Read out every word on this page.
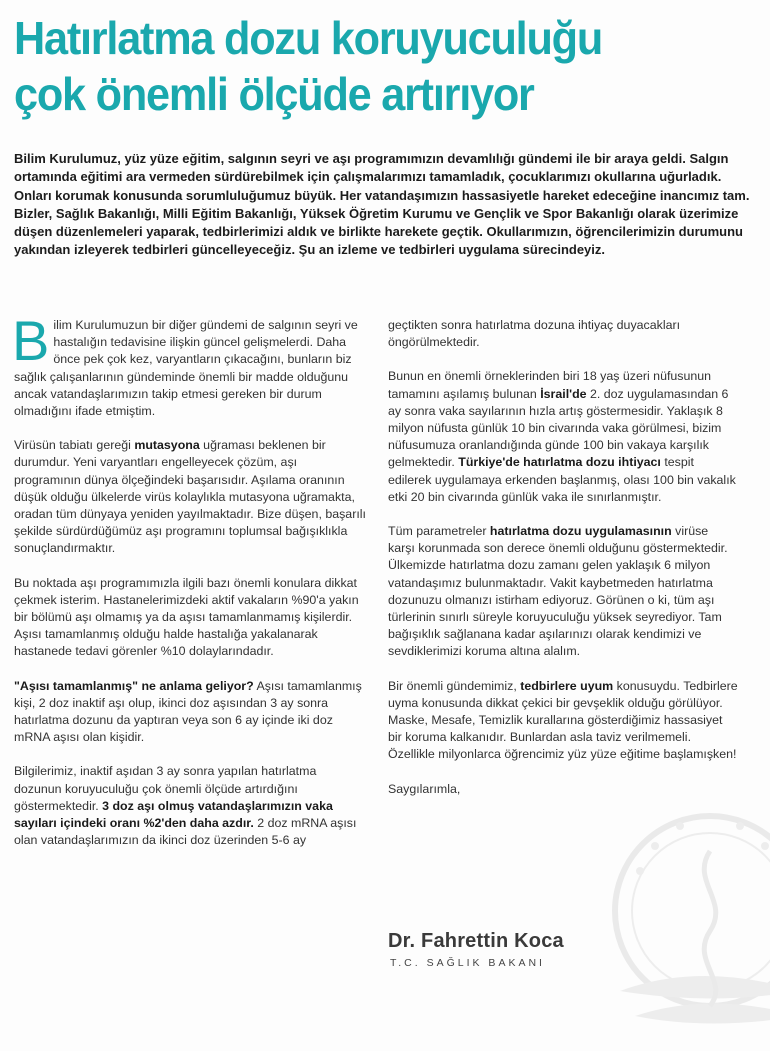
Hatırlatma dozu koruyuculuğu
çok önemli ölçüde artırıyor

Bilim Kurulumuz, yüz yüze eğitim, salgının seyri ve aşı programımızın devamlılığı gündemi ile bir araya geldi. Salgın ortamında eğitimi ara vermeden sürdürebilmek için çalışmalarımızı tamamladık, çocuklarımızı okullarına uğurladık. Onları korumak konusunda sorumluluğumuz büyük. Her vatandaşımızın hassasiyetle hareket edeceğine inancımız tam. Bizler, Sağlık Bakanlığı, Milli Eğitim Bakanlığı, Yüksek Öğretim Kurumu ve Gençlik ve Spor Bakanlığı olarak üzerimize düşen düzenlemeleri yaparak, tedbirlerimizi aldık ve birlikte harekete geçtik. Okullarımızın, öğrencilerimizin durumunu yakından izleyerek tedbirleri güncelleyeceğiz. Şu an izleme ve tedbirleri uygulama sürecindeyiz.

Bilim Kurulumuzun bir diğer gündemi de salgının seyri ve hastalığın tedavisine ilişkin güncel gelişmelerdi. Daha önce pek çok kez, varyantların çıkacağını, bunların biz sağlık çalışanlarının gündeminde önemli bir madde olduğunu ancak vatandaşlarımızın takip etmesi gereken bir durum olmadığını ifade etmiştim.

Virüsün tabiatı gereği mutasyona uğraması beklenen bir durumdur. Yeni varyantları engelleyecek çözüm, aşı programının dünya ölçeğindeki başarısıdır. Aşılama oranının düşük olduğu ülkelerde virüs kolaylıkla mutasyona uğramakta, oradan tüm dünyaya yeniden yayılmaktadır. Bize düşen, başarılı şekilde sürdürdüğümüz aşı programını toplumsal bağışıklıkla sonuçlandırmaktır.

Bu noktada aşı programımızla ilgili bazı önemli konulara dikkat çekmek isterim. Hastanelerimizdeki aktif vakaların %90'a yakın bir bölümü aşı olmamış ya da aşısı tamamlanmamış kişilerdir. Aşısı tamamlanmış olduğu halde hastalığa yakalanarak hastanede tedavi görenler %10 dolaylarındadır.

"Aşısı tamamlanmış" ne anlama geliyor? Aşısı tamamlanmış kişi, 2 doz inaktif aşı olup, ikinci doz aşısından 3 ay sonra hatırlatma dozunu da yaptıran veya son 6 ay içinde iki doz mRNA aşısı olan kişidir.

Bilgilerimiz, inaktif aşıdan 3 ay sonra yapılan hatırlatma dozunun koruyuculuğu çok önemli ölçüde artırdığını göstermektedir. 3 doz aşı olmuş vatandaşlarımızın vaka sayıları içindeki oranı %2'den daha azdır. 2 doz mRNA aşısı olan vatandaşlarımızın da ikinci doz üzerinden 5-6 ay

geçtikten sonra hatırlatma dozuna ihtiyaç duyacakları öngörülmektedir.

Bunun en önemli örneklerinden biri 18 yaş üzeri nüfusunun tamamını aşılamış bulunan İsrail'de 2. doz uygulamasından 6 ay sonra vaka sayılarının hızla artış göstermesidir. Yaklaşık 8 milyon nüfusta günlük 10 bin civarında vaka görülmesi, bizim nüfusumuza oranlandığında günde 100 bin vakaya karşılık gelmektedir. Türkiye'de hatırlatma dozu ihtiyacı tespit edilerek uygulamaya erkenden başlanmış, olası 100 bin vakalık etki 20 bin civarında günlük vaka ile sınırlanmıştır.

Tüm parametreler hatırlatma dozu uygulamasının virüse karşı korunmada son derece önemli olduğunu göstermektedir. Ülkemizde hatırlatma dozu zamanı gelen yaklaşık 6 milyon vatandaşımız bulunmaktadır. Vakit kaybetmeden hatırlatma dozunuzu olmanızı istirham ediyoruz. Görünen o ki, tüm aşı türlerinin sınırlı süreyle koruyuculuğu yüksek seyrediyor. Tam bağışıklık sağlanana kadar aşılarınızı olarak kendimizi ve sevdiklerimizi koruma altına alalım.

Bir önemli gündemimiz, tedbirlere uyum konusuydu. Tedbirlere uyma konusunda dikkat çekici bir gevşeklik olduğu görülüyor. Maske, Mesafe, Temizlik kurallarına gösterdiğimiz hassasiyet bir koruma kalkanıdır. Bunlardan asla taviz verilmemeli. Özellikle milyonlarca öğrencimiz yüz yüze eğitime başlamışken!

Saygılarımla,

Dr. Fahrettin Koca
T.C. SAĞLIK BAKANI
